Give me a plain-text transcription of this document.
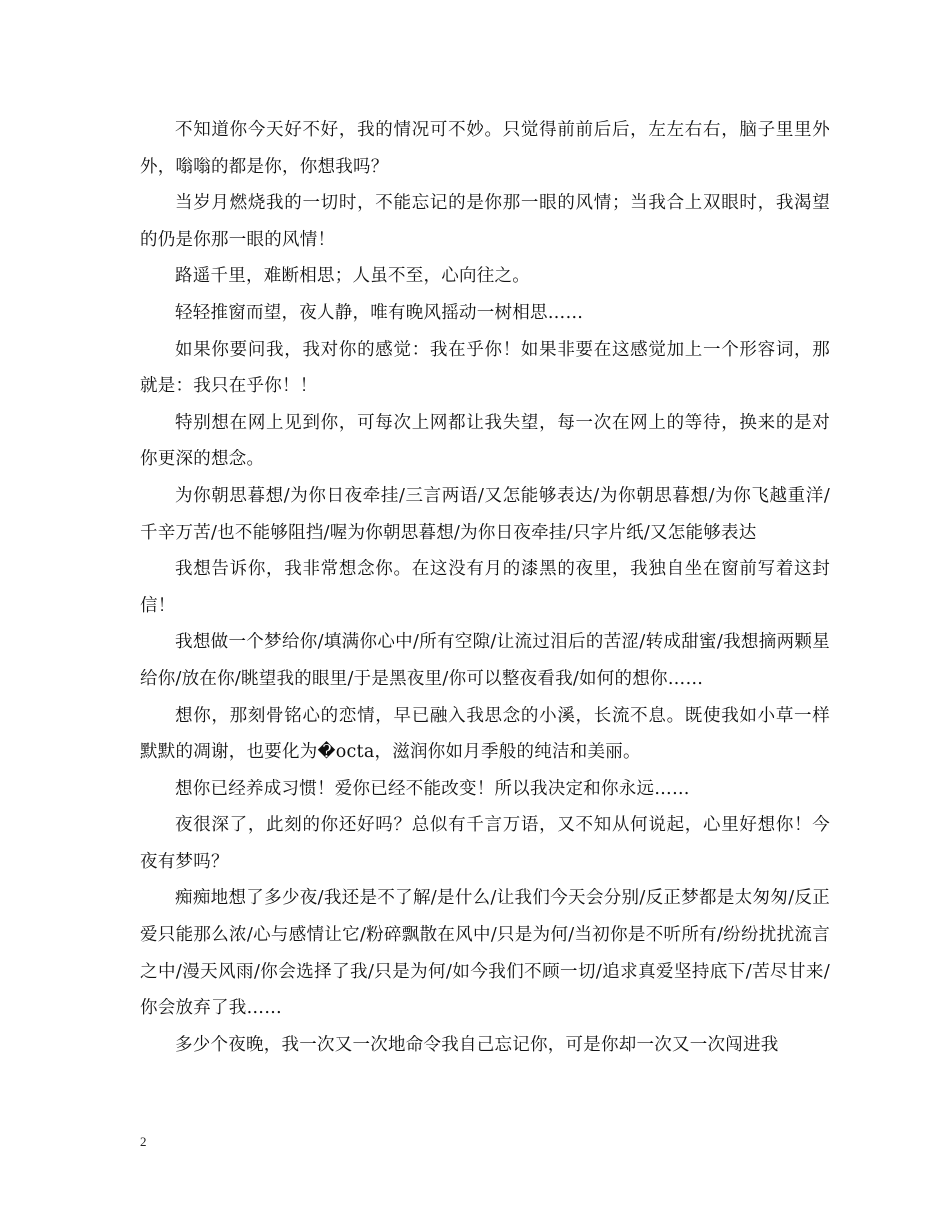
不知道你今天好不好，我的情况可不妙。只觉得前前后后，左左右右，脑子里里外外，嗡嗡的都是你，你想我吗？

当岁月燃烧我的一切时，不能忘记的是你那一眼的风情；当我合上双眼时，我渴望的仍是你那一眼的风情！

路遥千里，难断相思；人虽不至，心向往之。

轻轻推窗而望，夜人静，唯有晚风摇动一树相思……

如果你要问我，我对你的感觉：我在乎你！如果非要在这感觉加上一个形容词，那就是：我只在乎你！！

特别想在网上见到你，可每次上网都让我失望，每一次在网上的等待，换来的是对你更深的想念。

为你朝思暮想/为你日夜牵挂/三言两语/又怎能够表达/为你朝思暮想/为你飞越重洋/千辛万苦/也不能够阻挡/喔为你朝思暮想/为你日夜牵挂/只字片纸/又怎能够表达

我想告诉你，我非常想念你。在这没有月的漆黑的夜里，我独自坐在窗前写着这封信！

我想做一个梦给你/填满你心中/所有空隙/让流过泪后的苦涩/转成甜蜜/我想摘两颗星给你/放在你/眺望我的眼里/于是黑夜里/你可以整夜看我/如何的想你……

想你，那刻骨铭心的恋情，早已融入我思念的小溪，长流不息。既使我如小草一样默默的凋谢，也要化为�octa，滋润你如月季般的纯洁和美丽。

想你已经养成习惯！爱你已经不能改变！所以我决定和你永远……

夜很深了，此刻的你还好吗？总似有千言万语，又不知从何说起，心里好想你！今夜有梦吗？

痴痴地想了多少夜/我还是不了解/是什么/让我们今天会分别/反正梦都是太匆匆/反正爱只能那么浓/心与感情让它/粉碎飘散在风中/只是为何/当初你是不听所有/纷纷扰扰流言之中/漫天风雨/你会选择了我/只是为何/如今我们不顾一切/追求真爱坚持底下/苦尽甘来/你会放弃了我……

多少个夜晚，我一次又一次地命令我自己忘记你，可是你却一次又一次闯进我

2
